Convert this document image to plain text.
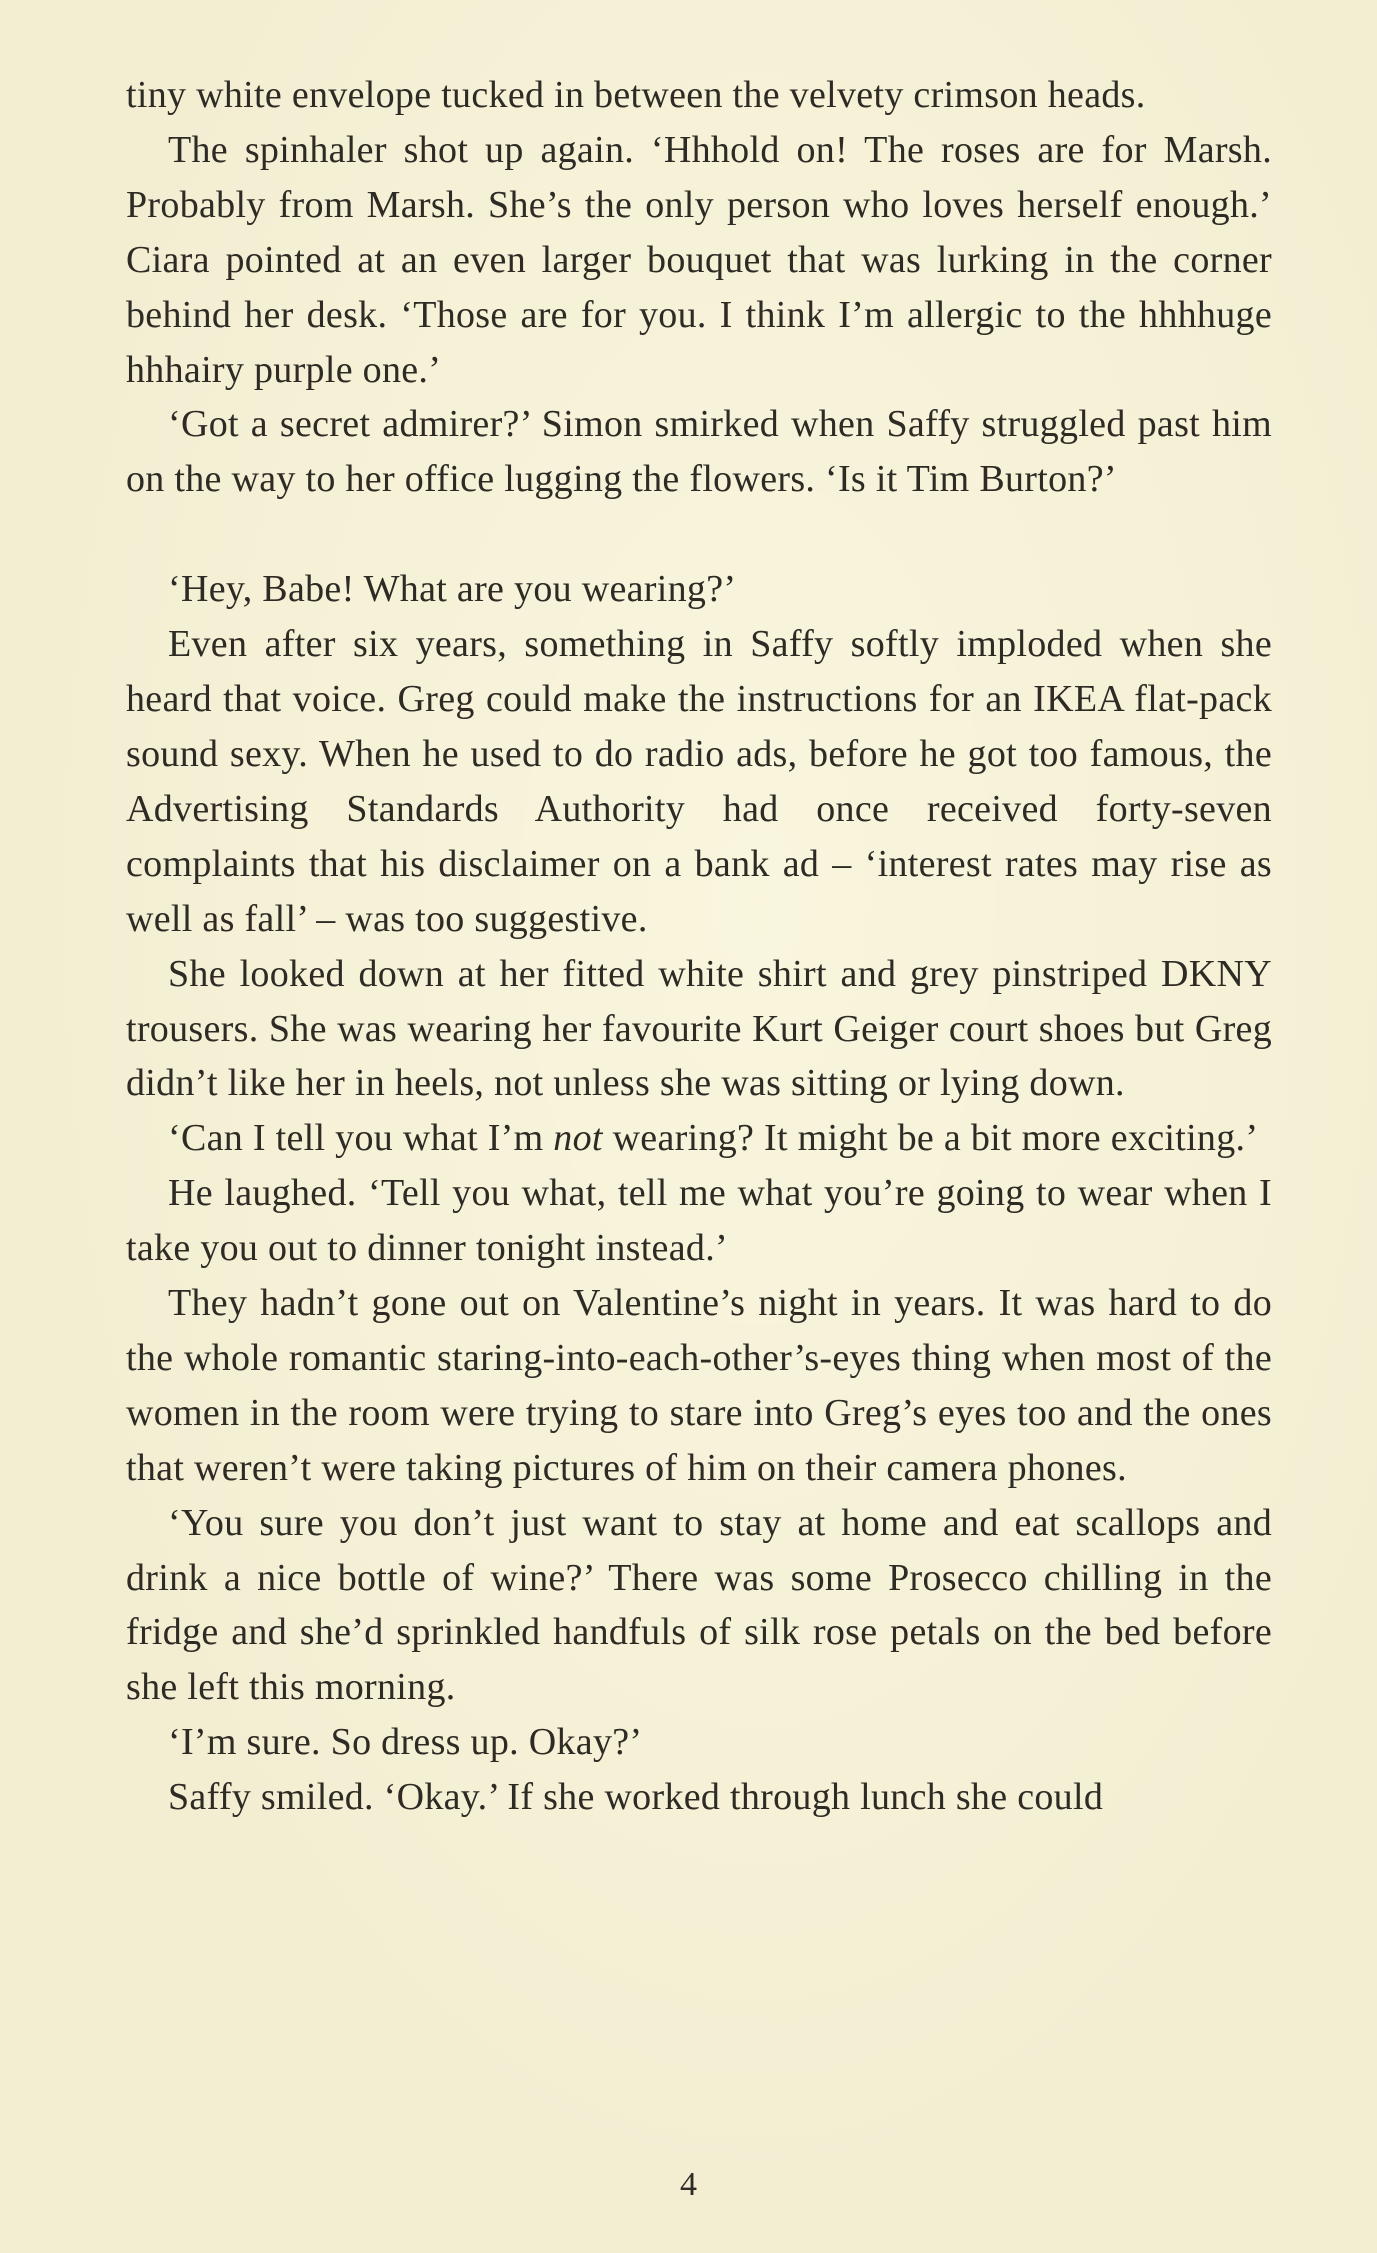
tiny white envelope tucked in between the velvety crimson heads.

The spinhaler shot up again. ‘Hhhold on! The roses are for Marsh. Probably from Marsh. She’s the only person who loves herself enough.’ Ciara pointed at an even larger bouquet that was lurking in the corner behind her desk. ‘Those are for you. I think I’m allergic to the hhhhuge hhhairy purple one.’

‘Got a secret admirer?’ Simon smirked when Saffy struggled past him on the way to her office lugging the flowers. ‘Is it Tim Burton?’

‘Hey, Babe! What are you wearing?’

Even after six years, something in Saffy softly imploded when she heard that voice. Greg could make the instructions for an IKEA flat-pack sound sexy. When he used to do radio ads, before he got too famous, the Advertising Standards Authority had once received forty-seven complaints that his disclaimer on a bank ad – ‘interest rates may rise as well as fall’ – was too suggestive.

She looked down at her fitted white shirt and grey pinstriped DKNY trousers. She was wearing her favourite Kurt Geiger court shoes but Greg didn’t like her in heels, not unless she was sitting or lying down.

‘Can I tell you what I’m not wearing? It might be a bit more exciting.’

He laughed. ‘Tell you what, tell me what you’re going to wear when I take you out to dinner tonight instead.’

They hadn’t gone out on Valentine’s night in years. It was hard to do the whole romantic staring-into-each-other’s-eyes thing when most of the women in the room were trying to stare into Greg’s eyes too and the ones that weren’t were taking pictures of him on their camera phones.

‘You sure you don’t just want to stay at home and eat scallops and drink a nice bottle of wine?’ There was some Prosecco chilling in the fridge and she’d sprinkled handfuls of silk rose petals on the bed before she left this morning.

‘I’m sure. So dress up. Okay?’

Saffy smiled. ‘Okay.’ If she worked through lunch she could

4
